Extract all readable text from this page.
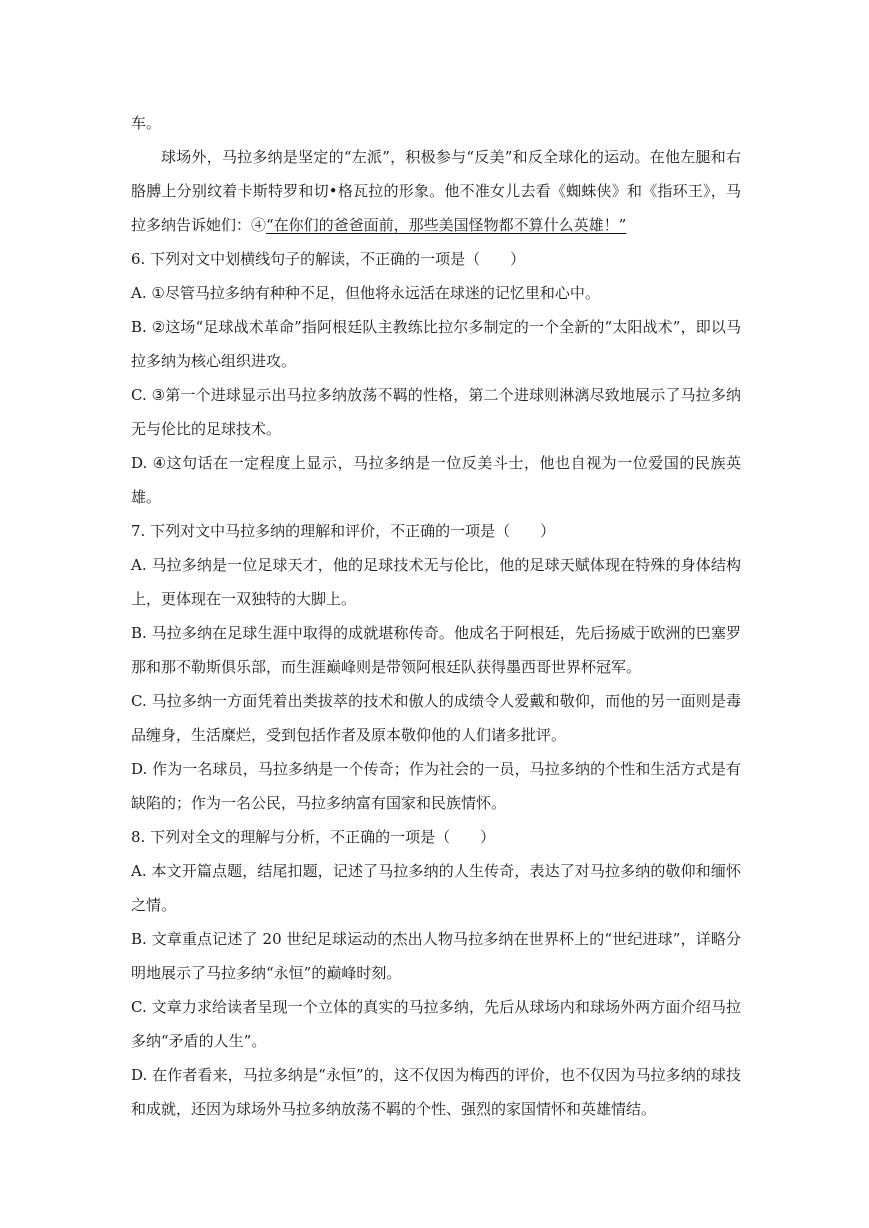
车。

球场外，马拉多纳是坚定的“左派”，积极参与“反美”和反全球化的运动。在他左腿和右胳膊上分别纹着卡斯特罗和切•格瓦拉的形象。他不准女儿去看《蜘蛛侠》和《指环王》，马拉多纳告诉她们：④“在你们的爸爸面前，那些美国怪物都不算什么英雄！”

6. 下列对文中划横线句子的解读，不正确的一项是（　　）

A. ①尽管马拉多纳有种种不足，但他将永远活在球迷的记忆里和心中。

B. ②这场“足球战术革命”指阿根廷队主教练比拉尔多制定的一个全新的“太阳战术”，即以马拉多纳为核心组织进攻。

C. ③第一个进球显示出马拉多纳放荡不羁的性格，第二个进球则淋漓尽致地展示了马拉多纳无与伦比的足球技术。

D. ④这句话在一定程度上显示，马拉多纳是一位反美斗士，他也自视为一位爱国的民族英雄。

7. 下列对文中马拉多纳的理解和评价，不正确的一项是（　　）

A. 马拉多纳是一位足球天才，他的足球技术无与伦比，他的足球天赋体现在特殊的身体结构上，更体现在一双独特的大脚上。

B. 马拉多纳在足球生涯中取得的成就堪称传奇。他成名于阿根廷，先后扬威于欧洲的巴塞罗那和那不勒斯俱乐部，而生涯巅峰则是带领阿根廷队获得墨西哥世界杯冠军。

C. 马拉多纳一方面凭着出类拔萃的技术和傲人的成绩令人爱戴和敬仰，而他的另一面则是毒品缠身，生活糜烂，受到包括作者及原本敬仰他的人们诸多批评。

D. 作为一名球员，马拉多纳是一个传奇；作为社会的一员，马拉多纳的个性和生活方式是有缺陷的；作为一名公民，马拉多纳富有国家和民族情怀。

8. 下列对全文的理解与分析，不正确的一项是（　　）

A. 本文开篇点题，结尾扣题，记述了马拉多纳的人生传奇，表达了对马拉多纳的敬仰和缅怀之情。

B. 文章重点记述了 20 世纪足球运动的杰出人物马拉多纳在世界杯上的“世纪进球”，详略分明地展示了马拉多纳“永恒”的巅峰时刻。

C. 文章力求给读者呈现一个立体的真实的马拉多纳，先后从球场内和球场外两方面介绍马拉多纳“矛盾的人生”。

D. 在作者看来，马拉多纳是“永恒”的，这不仅因为梅西的评价，也不仅因为马拉多纳的球技和成就，还因为球场外马拉多纳放荡不羁的个性、强烈的家国情怀和英雄情结。
